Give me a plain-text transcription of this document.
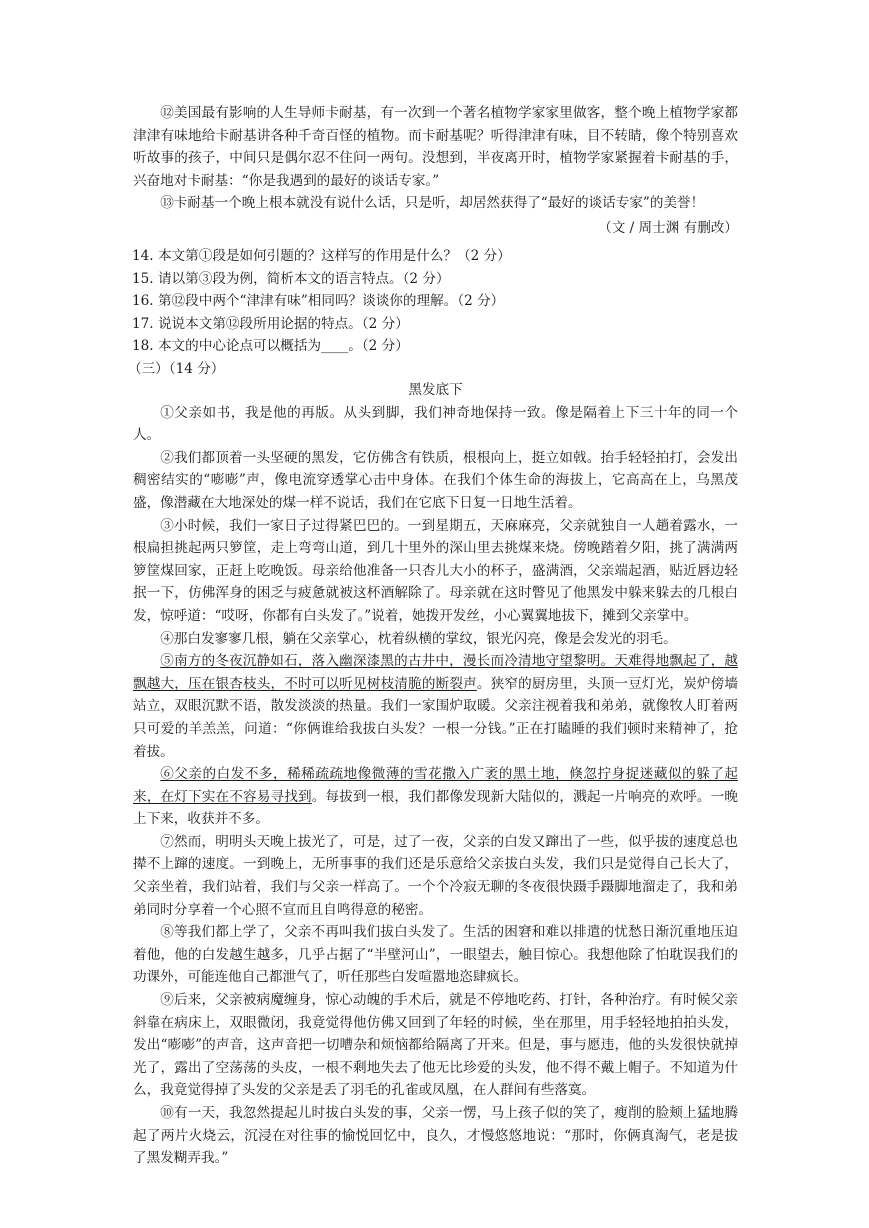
⑫美国最有影响的人生导师卡耐基，有一次到一个著名植物学家家里做客，整个晚上植物学家都津津有味地给卡耐基讲各种千奇百怪的植物。而卡耐基呢？听得津津有味，目不转睛，像个特别喜欢听故事的孩子，中间只是偶尔忍不住问一两句。没想到，半夜离开时，植物学家紧握着卡耐基的手，兴奋地对卡耐基：“你是我遇到的最好的谈话专家。”

⑬卡耐基一个晚上根本就没有说什么话，只是听，却居然获得了“最好的谈话专家”的美誉！

（文 / 周士渊 有删改）

14. 本文第①段是如何引题的？这样写的作用是什么？（2 分）

15. 请以第③段为例，简析本文的语言特点。（2 分）

16. 第⑫段中两个“津津有味”相同吗？谈谈你的理解。（2 分）

17. 说说本文第⑫段所用论据的特点。（2 分）

18. 本文的中心论点可以概括为____。（2 分）

（三）（14 分）

黑发底下

①父亲如书，我是他的再版。从头到脚，我们神奇地保持一致。像是隔着上下三十年的同一个人。

②我们都顶着一头坚硬的黑发，它仿佛含有铁质，根根向上，挺立如戟。抬手轻轻拍打，会发出稠密结实的“嘭嘭”声，像电流穿透掌心击中身体。在我们个体生命的海拔上，它高高在上，乌黑茂盛，像潜藏在大地深处的煤一样不说话，我们在它底下日复一日地生活着。

③小时候，我们一家日子过得紧巴巴的。一到星期五，天麻麻亮，父亲就独自一人趟着露水，一根扁担挑起两只箩筐，走上弯弯山道，到几十里外的深山里去挑煤来烧。傍晚踏着夕阳，挑了满满两箩筐煤回家，正赶上吃晚饭。母亲给他准备一只杏儿大小的杯子，盛满酒，父亲端起酒，贴近唇边轻抿一下，仿佛浑身的困乏与疲惫就被这杯酒解除了。母亲就在这时瞥见了他黑发中躲来躲去的几根白发，惊呼道：“哎呀，你都有白头发了。”说着，她拨开发丝，小心翼翼地拔下，摊到父亲掌中。

④那白发寥寥几根，躺在父亲掌心，枕着纵横的掌纹，银光闪亮，像是会发光的羽毛。

⑤南方的冬夜沉静如石，落入幽深漆黑的古井中，漫长而冷清地守望黎明。天难得地飘起了，越飘越大，压在银杏枝头，不时可以听见树枝清脆的断裂声。狭窄的厨房里，头顶一豆灯光，炭炉傍墙站立，双眼沉默不语，散发淡淡的热量。我们一家围炉取暖。父亲注视着我和弟弟，就像牧人盯着两只可爱的羊羔羔，问道：“你俩谁给我拔白头发？一根一分钱。”正在打瞌睡的我们顿时来精神了，抢着拔。

⑥父亲的白发不多，稀稀疏疏地像微薄的雪花撒入广袤的黑土地，倏忽拧身捉迷藏似的躲了起来，在灯下实在不容易寻找到。每拔到一根，我们都像发现新大陆似的，溅起一片响亮的欢呼。一晚上下来，收获并不多。

⑦然而，明明头天晚上拔光了，可是，过了一夜，父亲的白发又蹿出了一些，似乎拔的速度总也撵不上蹿的速度。一到晚上，无所事事的我们还是乐意给父亲拔白头发，我们只是觉得自己长大了，父亲坐着，我们站着，我们与父亲一样高了。一个个冷寂无聊的冬夜很快蹑手蹑脚地溜走了，我和弟弟同时分享着一个心照不宣而且自鸣得意的秘密。

⑧等我们都上学了，父亲不再叫我们拔白头发了。生活的困窘和难以排遣的忧愁日渐沉重地压迫着他，他的白发越生越多，几乎占据了“半壁河山”，一眼望去，触目惊心。我想他除了怕耽误我们的功课外，可能连他自己都泄气了，听任那些白发喧嚣地恣肆疯长。

⑨后来，父亲被病魔缠身，惊心动魄的手术后，就是不停地吃药、打针，各种治疗。有时候父亲斜靠在病床上，双眼微闭，我竟觉得他仿佛又回到了年轻的时候，坐在那里，用手轻轻地拍拍头发，发出“嘭嘭”的声音，这声音把一切嘈杂和烦恼都给隔离了开来。但是，事与愿违，他的头发很快就掉光了，露出了空荡荡的头皮，一根不剩地失去了他无比珍爱的头发，他不得不戴上帽子。不知道为什么，我竟觉得掉了头发的父亲是丢了羽毛的孔雀或凤凰，在人群间有些落寞。

⑩有一天，我忽然提起儿时拔白头发的事，父亲一愣，马上孩子似的笑了，瘦削的脸颊上猛地腾起了两片火烧云，沉浸在对往事的愉悦回忆中，良久，才慢悠悠地说：“那时，你俩真淘气，老是拔了黑发糊弄我。”
